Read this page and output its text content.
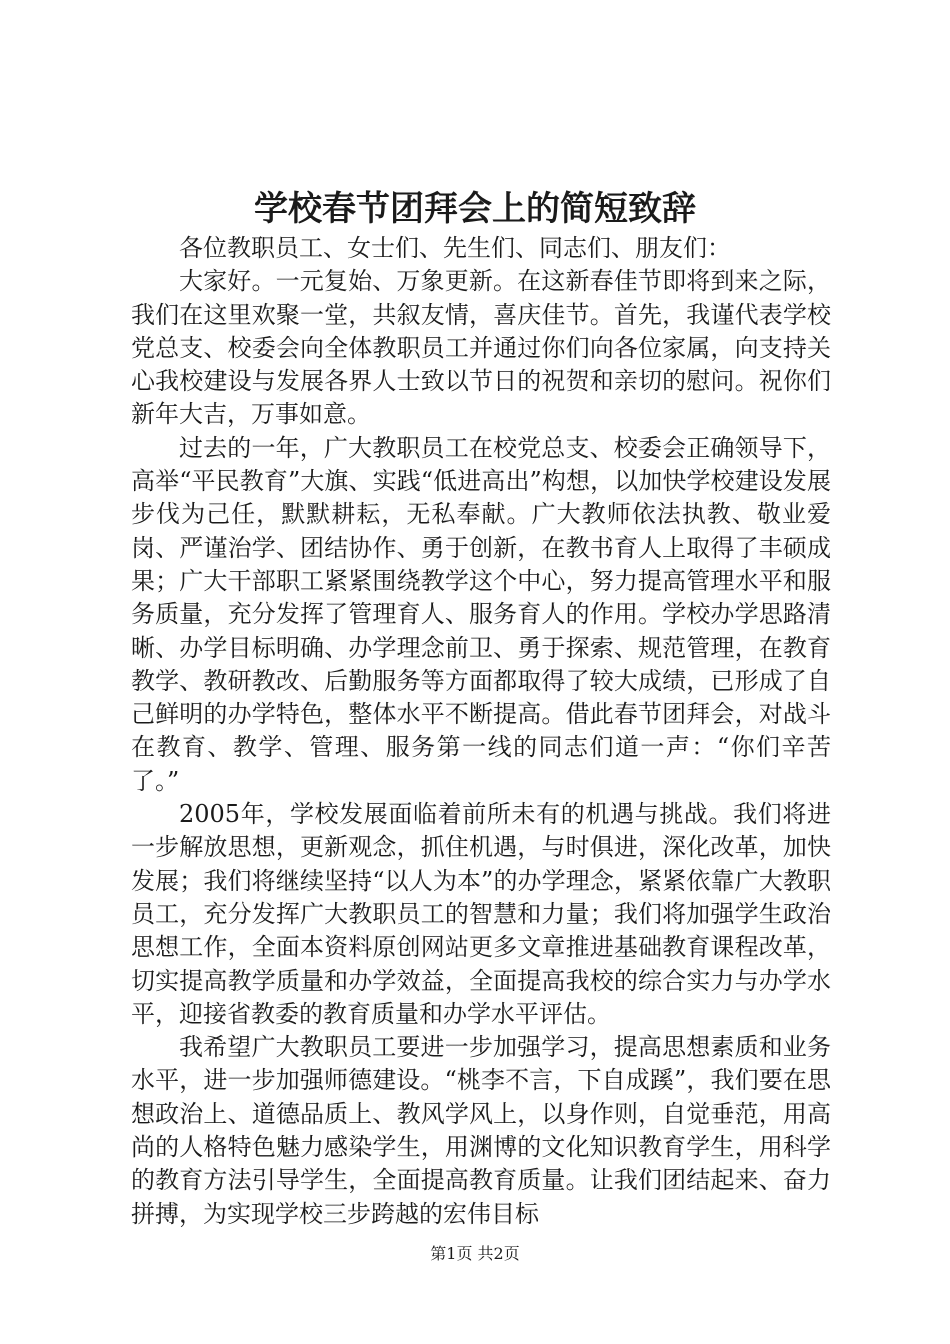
学校春节团拜会上的简短致辞

各位教职员工、女士们、先生们、同志们、朋友们：

大家好。一元复始、万象更新。在这新春佳节即将到来之际，我们在这里欢聚一堂，共叙友情，喜庆佳节。首先，我谨代表学校党总支、校委会向全体教职员工并通过你们向各位家属，向支持关心我校建设与发展各界人士致以节日的祝贺和亲切的慰问。祝你们新年大吉，万事如意。

过去的一年，广大教职员工在校党总支、校委会正确领导下，高举“平民教育”大旗、实践“低进高出”构想，以加快学校建设发展步伐为己任，默默耕耘，无私奉献。广大教师依法执教、敬业爱岗、严谨治学、团结协作、勇于创新，在教书育人上取得了丰硕成果；广大干部职工紧紧围绕教学这个中心，努力提高管理水平和服务质量，充分发挥了管理育人、服务育人的作用。学校办学思路清晰、办学目标明确、办学理念前卫、勇于探索、规范管理，在教育教学、教研教改、后勤服务等方面都取得了较大成绩，已形成了自己鲜明的办学特色，整体水平不断提高。借此春节团拜会，对战斗在教育、教学、管理、服务第一线的同志们道一声：“你们辛苦了。”

2005年，学校发展面临着前所未有的机遇与挑战。我们将进一步解放思想，更新观念，抓住机遇，与时俱进，深化改革，加快发展；我们将继续坚持“以人为本”的办学理念，紧紧依靠广大教职员工，充分发挥广大教职员工的智慧和力量；我们将加强学生政治思想工作，全面本资料原创网站更多文章推进基础教育课程改革，切实提高教学质量和办学效益，全面提高我校的综合实力与办学水平，迎接省教委的教育质量和办学水平评估。

我希望广大教职员工要进一步加强学习，提高思想素质和业务水平，进一步加强师德建设。“桃李不言，下自成蹊”，我们要在思想政治上、道德品质上、教风学风上，以身作则，自觉垂范，用高尚的人格特色魅力感染学生，用渊博的文化知识教育学生，用科学的教育方法引导学生，全面提高教育质量。让我们团结起来、奋力拼搏，为实现学校三步跨越的宏伟目标

第1页 共2页
